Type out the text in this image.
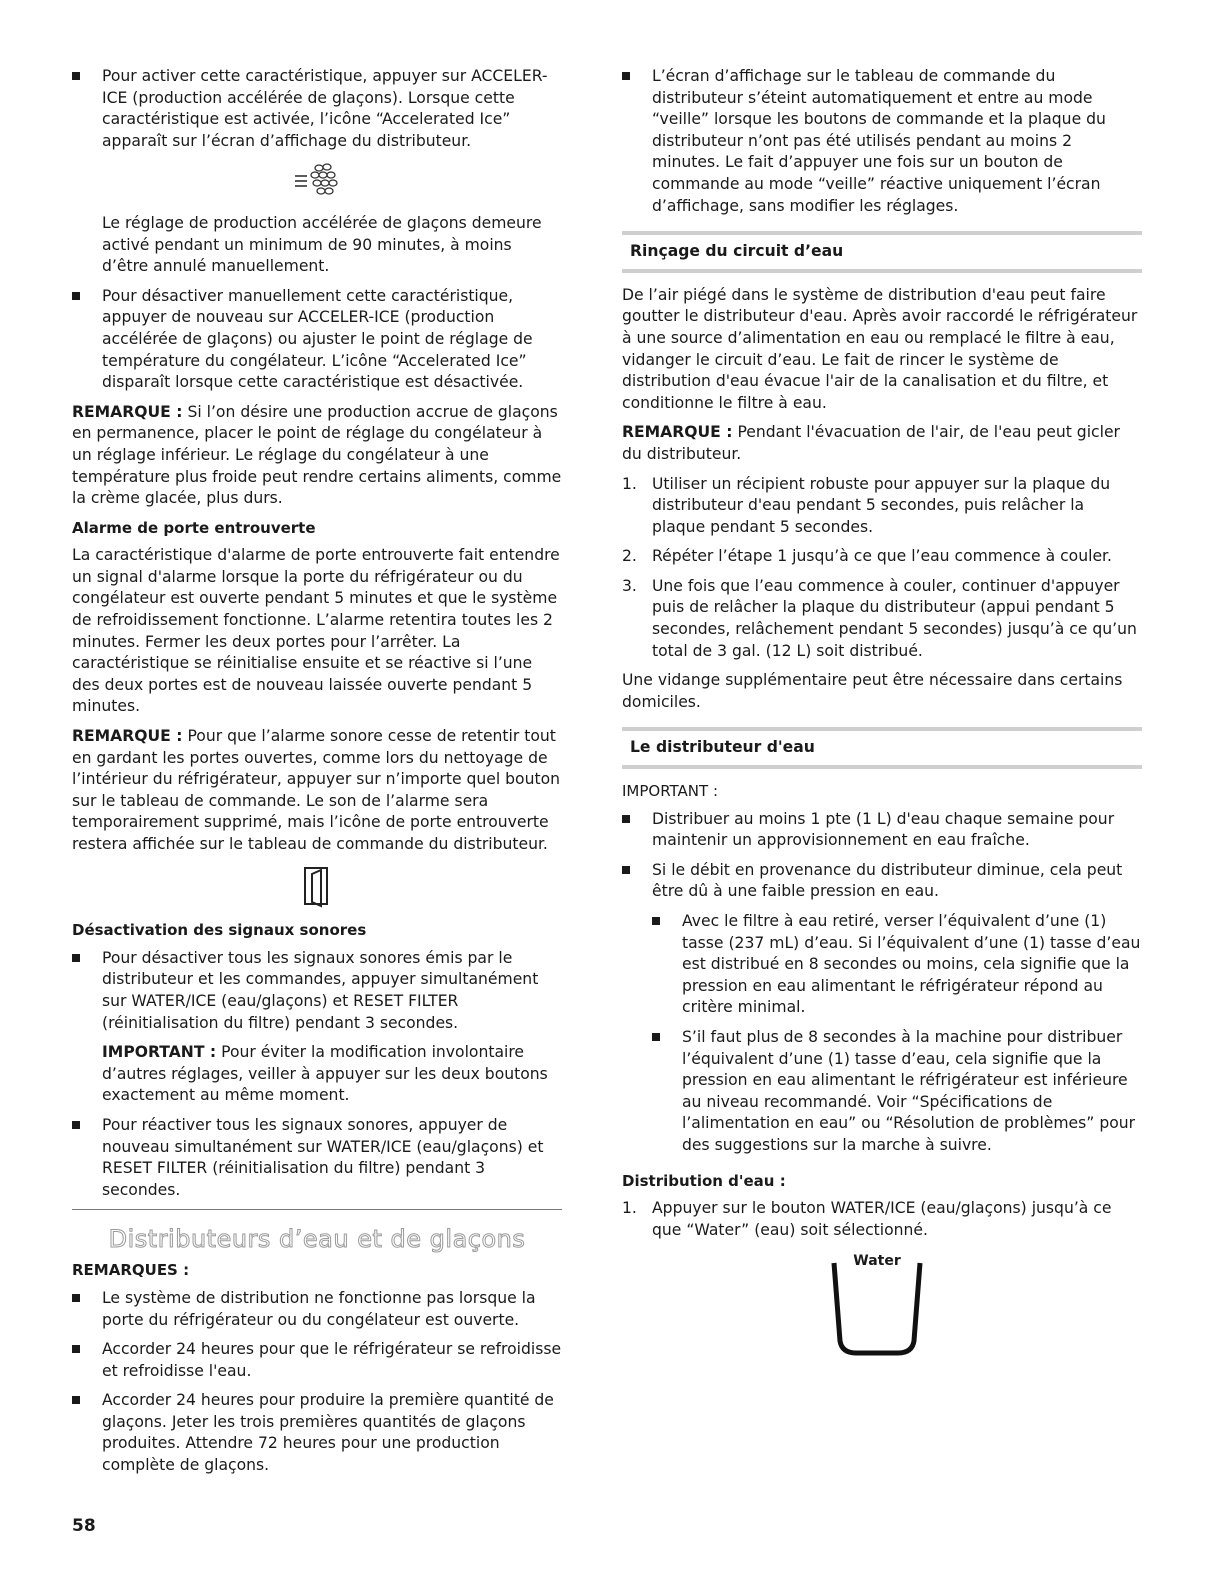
Pour activer cette caractéristique, appuyer sur ACCELER-ICE (production accélérée de glaçons). Lorsque cette caractéristique est activée, l’icône “Accelerated Ice” apparaît sur l’écran d’affichage du distributeur.

Le réglage de production accélérée de glaçons demeure activé pendant un minimum de 90 minutes, à moins d’être annulé manuellement.

Pour désactiver manuellement cette caractéristique, appuyer de nouveau sur ACCELER-ICE (production accélérée de glaçons) ou ajuster le point de réglage de température du congélateur. L’icône “Accelerated Ice” disparaît lorsque cette caractéristique est désactivée.

REMARQUE : Si l’on désire une production accrue de glaçons en permanence, placer le point de réglage du congélateur à un réglage inférieur. Le réglage du congélateur à une température plus froide peut rendre certains aliments, comme la crème glacée, plus durs.

Alarme de porte entrouverte

La caractéristique d'alarme de porte entrouverte fait entendre un signal d'alarme lorsque la porte du réfrigérateur ou du congélateur est ouverte pendant 5 minutes et que le système de refroidissement fonctionne. L’alarme retentira toutes les 2 minutes. Fermer les deux portes pour l’arrêter. La caractéristique se réinitialise ensuite et se réactive si l’une des deux portes est de nouveau laissée ouverte pendant 5 minutes.

REMARQUE : Pour que l’alarme sonore cesse de retentir tout en gardant les portes ouvertes, comme lors du nettoyage de l’intérieur du réfrigérateur, appuyer sur n’importe quel bouton sur le tableau de commande. Le son de l’alarme sera temporairement supprimé, mais l’icône de porte entrouverte restera affichée sur le tableau de commande du distributeur.

Désactivation des signaux sonores
Pour désactiver tous les signaux sonores émis par le distributeur et les commandes, appuyer simultanément sur WATER/ICE (eau/glaçons) et RESET FILTER (réinitialisation du filtre) pendant 3 secondes.

IMPORTANT : Pour éviter la modification involontaire d’autres réglages, veiller à appuyer sur les deux boutons exactement au même moment.

Pour réactiver tous les signaux sonores, appuyer de nouveau simultanément sur WATER/ICE (eau/glaçons) et RESET FILTER (réinitialisation du filtre) pendant 3 secondes.
Distributeurs d’eau et de glaçons
REMARQUES :
Le système de distribution ne fonctionne pas lorsque la porte du réfrigérateur ou du congélateur est ouverte.
Accorder 24 heures pour que le réfrigérateur se refroidisse et refroidisse l'eau.
Accorder 24 heures pour produire la première quantité de glaçons. Jeter les trois premières quantités de glaçons produites. Attendre 72 heures pour une production complète de glaçons.
L’écran d’affichage sur le tableau de commande du distributeur s’éteint automatiquement et entre au mode “veille” lorsque les boutons de commande et la plaque du distributeur n’ont pas été utilisés pendant au moins 2 minutes. Le fait d’appuyer une fois sur un bouton de commande au mode “veille” réactive uniquement l’écran d’affichage, sans modifier les réglages.
Rinçage du circuit d’eau

De l’air piégé dans le système de distribution d'eau peut faire goutter le distributeur d'eau. Après avoir raccordé le réfrigérateur à une source d’alimentation en eau ou remplacé le filtre à eau, vidanger le circuit d’eau. Le fait de rincer le système de distribution d'eau évacue l'air de la canalisation et du filtre, et conditionne le filtre à eau.

REMARQUE : Pendant l'évacuation de l'air, de l'eau peut gicler du distributeur.

1. Utiliser un récipient robuste pour appuyer sur la plaque du distributeur d'eau pendant 5 secondes, puis relâcher la plaque pendant 5 secondes.
2. Répéter l’étape 1 jusqu’à ce que l’eau commence à couler.
3. Une fois que l’eau commence à couler, continuer d'appuyer puis de relâcher la plaque du distributeur (appui pendant 5 secondes, relâchement pendant 5 secondes) jusqu’à ce qu’un total de 3 gal. (12 L) soit distribué.

Une vidange supplémentaire peut être nécessaire dans certains domiciles.

Le distributeur d'eau
IMPORTANT :
Distribuer au moins 1 pte (1 L) d'eau chaque semaine pour maintenir un approvisionnement en eau fraîche.
Si le débit en provenance du distributeur diminue, cela peut être dû à une faible pression en eau.
Avec le filtre à eau retiré, verser l’équivalent d’une (1) tasse (237 mL) d’eau. Si l’équivalent d’une (1) tasse d’eau est distribué en 8 secondes ou moins, cela signifie que la pression en eau alimentant le réfrigérateur répond au critère minimal.
S’il faut plus de 8 secondes à la machine pour distribuer l’équivalent d’une (1) tasse d’eau, cela signifie que la pression en eau alimentant le réfrigérateur est inférieure au niveau recommandé. Voir “Spécifications de l’alimentation en eau” ou “Résolution de problèmes” pour des suggestions sur la marche à suivre.
Distribution d'eau :
1. Appuyer sur le bouton WATER/ICE (eau/glaçons) jusqu’à ce que “Water” (eau) soit sélectionné.
Water
58
